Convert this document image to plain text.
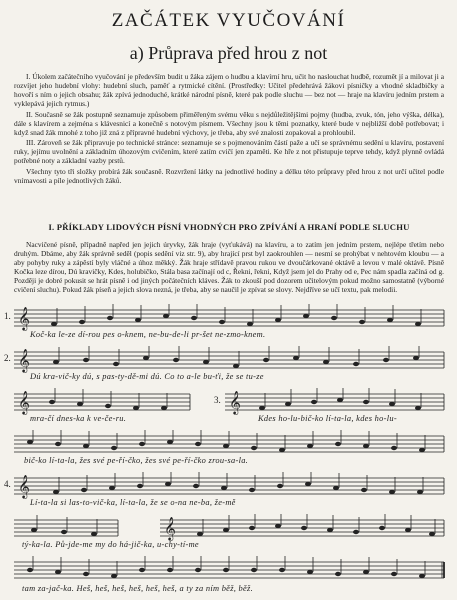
ZAČÁTEK VYUČOVÁNÍ
a) Průprava před hrou z not

I. Úkolem začátečního vyučování je především budit u žáka zájem o hudbu a klavírní hru, učit ho naslouchat hudbě, rozumět jí a milovat ji a rozvíjet jeho hudební vlohy: hudební sluch, paměť a rytmické cítění. (Prostředky: Učitel předehrává žákovi písničky a vhodné skladbičky a hovoří s ním o jejich obsahu; žák zpívá jednoduché, krátké národní písně, které pak podle sluchu — bez not — hraje na klavíru jedním prstem a vyklepává jejich rytmus.)

II. Současně se žák postupně seznamuje způsobem přiměřeným svému věku s nejdůležitějšími pojmy (hudba, zvuk, tón, jeho výška, délka), dále s klavírem a zejména s klávesnicí a konečně s notovým písmem. Všechny jsou k těmi poznatky, které bude v nejbližší době potřebovat; i když snad žák mnohé z toho již zná z přípravné hudební výchovy, je třeba, aby své znalosti zopakoval a prohloubil.

III. Zároveň se žák připravuje po technické stránce: seznamuje se s pojmenováním částí paže a učí se správnému sedění u klavíru, postavení ruky, jejímu uvolnění a základním úhozovým cvičením, které zatím cvičí jen zpaměti. Ke hře z not přistupuje teprve tehdy, když plynně ovládá potřebné noty a základní vazby prstů.

Všechny tyto tři složky probírá žák současně. Rozvržení látky na jednotlivé hodiny a délku této průpravy před hrou z not určí učitel podle vnímavosti a píle jednotlivých žáků.

I. PŘÍKLADY LIDOVÝCH PÍSNÍ VHODNÝCH PRO ZPÍVÁNÍ A HRANÍ PODLE SLUCHU

Nacvičené písně, případně napřed jen jejich úryvky, žák hraje (vyťukává) na klavíru, a to zatím jen jedním prstem, nejlépe třetím nebo druhým. Dbáme, aby žák správně seděl (popis sedění viz str. 9), aby hrající prst byl zaokrouhlen — nesmí se prohýbat v nehtovém kloubu — a aby pohyby ruky a zápěstí byly vláčné a úhoz měkký. Žák hraje střídavě pravou rukou ve dvoučárkované oktávě a levou v malé oktávě. Písně Kočka leze dírou, Dú kravičky, Kdes, holubičko, Stála basa začínají od c, Řekni, řekni, Když jsem jel do Prahy od e, Pec nám spadla začíná od g. Později je dobré pokusit se hrát písně i od jiných počátečních kláves. Žák to zkouší pod dozorem učitelovým pokud možno samostatně (výborné cvičení sluchu). Pokud žák píseň a jejich slova nezná, je třeba, aby se naučil je zpívat se slovy. Nejdříve se učí textu, pak melodii.

𝄞
1.
Koč-ka le-ze dí-rou pes o-knem, ne-bu-de-li pr-šet ne-zmo-knem.
𝄞
2.
Dú kra-vič-ky dú, s pas-ty-dě-mi dú. Co to a-le bu-ťi, že se tu-ze
𝄞	𝄞
3.
mra-čí dnes-ka k ve-če-ru.	Kdes ho-lu-bič-ko lí-ta-la, kdes ho-lu-
bič-ko lí-ta-la, žes své pe-ří-čko, žes své pe-ří-čko zrou-sa-la.
𝄞
4.
Lí-ta-la si las-to-vič-ka, lí-ta-la, že se o-na ne-ba, že-mě
𝄞
tý-ka-la. Pů-jde-me my do há-jič-ka, u-chy-tí-me
tam za-jač-ka. Heš, heš, heš, heš, heš, heš, a ty za ním běž, běž.
